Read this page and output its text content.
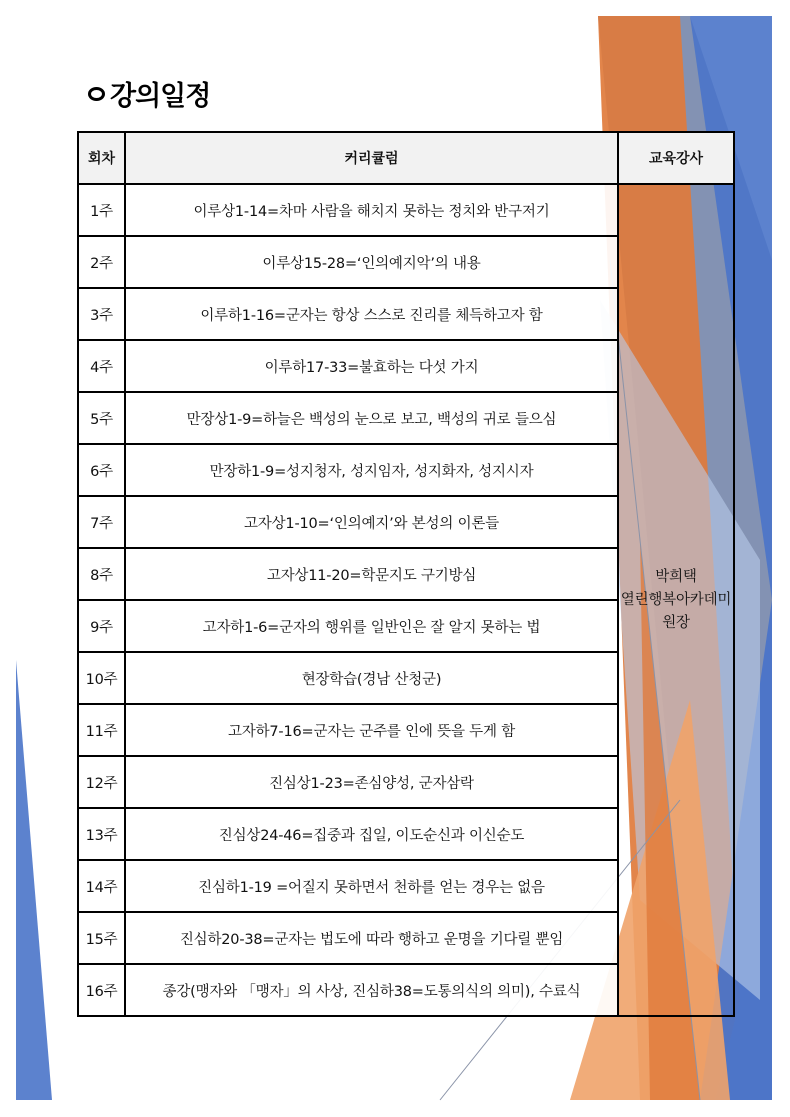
강의일정
회차	커리큘럼	교육강사
1주	이루상1-14=차마 사람을 해치지 못하는 정치와 반구저기	박희택
열린행복아카데미
원장

2주	이루상15-28=‘인의예지악’의 내용	
3주	이루하1-16=군자는 항상 스스로 진리를 체득하고자 함	
4주	이루하17-33=불효하는 다섯 가지	
5주	만장상1-9=하늘은 백성의 눈으로 보고, 백성의 귀로 들으심	
6주	만장하1-9=성지청자, 성지임자, 성지화자, 성지시자	
7주	고자상1-10=‘인의예지’와 본성의 이론들	
8주	고자상11-20=학문지도 구기방심	
9주	고자하1-6=군자의 행위를 일반인은 잘 알지 못하는 법	
10주	현장학습(경남 산청군)	
11주	고자하7-16=군자는 군주를 인에 뜻을 두게 함	
12주	진심상1-23=존심양성, 군자삼락	
13주	진심상24-46=집중과 집일, 이도순신과 이신순도	
14주	진심하1-19 =어질지 못하면서 천하를 얻는 경우는 없음	
15주	진심하20-38=군자는 법도에 따라 행하고 운명을 기다릴 뿐임	
16주	종강(맹자와 「맹자」의 사상, 진심하38=도통의식의 의미), 수료식	
